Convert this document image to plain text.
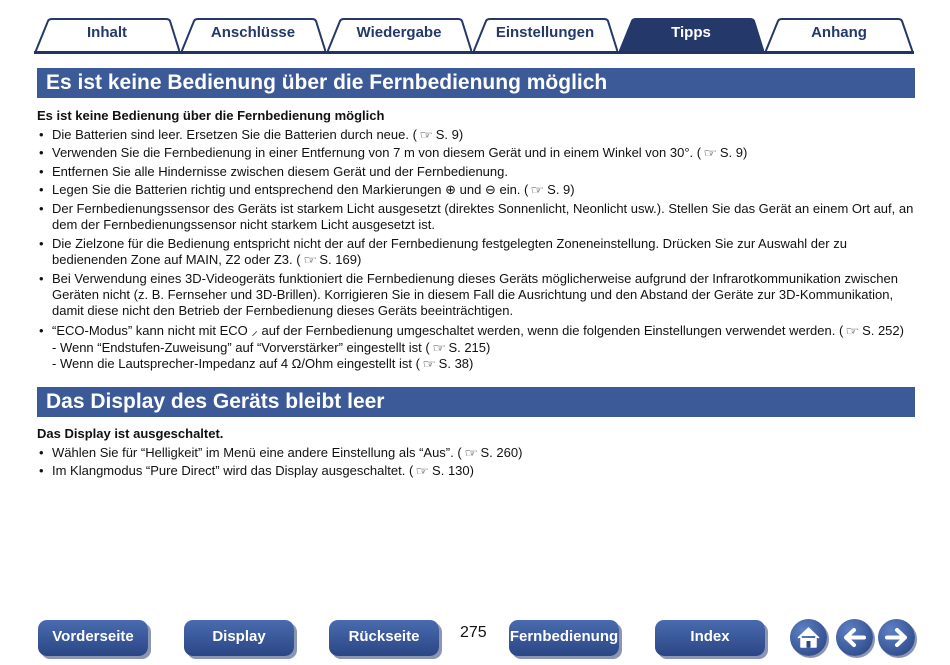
Inhalt	Anschlüsse	Wiedergabe	Einstellungen	Tipps	Anhang
Es ist keine Bedienung über die Fernbedienung möglich
Es ist keine Bedienung über die Fernbedienung möglich
• Die Batterien sind leer. Ersetzen Sie die Batterien durch neue. ( ☞ S. 9)
• Verwenden Sie die Fernbedienung in einer Entfernung von 7 m von diesem Gerät und in einem Winkel von 30°. ( ☞ S. 9)
• Entfernen Sie alle Hindernisse zwischen diesem Gerät und der Fernbedienung.
• Legen Sie die Batterien richtig und entsprechend den Markierungen ⊕ und ⊖ ein. ( ☞ S. 9)
• Der Fernbedienungssensor des Geräts ist starkem Licht ausgesetzt (direktes Sonnenlicht, Neonlicht usw.). Stellen Sie das Gerät an einem Ort auf, an dem der Fernbedienungssensor nicht starkem Licht ausgesetzt ist.
• Die Zielzone für die Bedienung entspricht nicht der auf der Fernbedienung festgelegten Zoneneinstellung. Drücken Sie zur Auswahl der zu bedienenden Zone auf MAIN, Z2 oder Z3. ( ☞ S. 169)
• Bei Verwendung eines 3D-Videogeräts funktioniert die Fernbedienung dieses Geräts möglicherweise aufgrund der Infrarotkommunikation zwischen Geräten nicht (z. B. Fernseher und 3D-Brillen). Korrigieren Sie in diesem Fall die Ausrichtung und den Abstand der Geräte zur 3D-Kommunikation, damit diese nicht den Betrieb der Fernbedienung dieses Geräts beeinträchtigen.
• “ECO-Modus” kann nicht mit ECO ⸝ auf der Fernbedienung umgeschaltet werden, wenn die folgenden Einstellungen verwendet werden. ( ☞ S. 252)
- Wenn “Endstufen-Zuweisung” auf “Vorverstärker” eingestellt ist ( ☞ S. 215)
- Wenn die Lautsprecher-Impedanz auf 4 Ω/Ohm eingestellt ist ( ☞ S. 38)
Das Display des Geräts bleibt leer
Das Display ist ausgeschaltet.
• Wählen Sie für “Helligkeit” im Menü eine andere Einstellung als “Aus”. ( ☞ S. 260)
• Im Klangmodus “Pure Direct” wird das Display ausgeschaltet. ( ☞ S. 130)
Vorderseite	Display	Rückseite	275 Fernbedienung	Index
